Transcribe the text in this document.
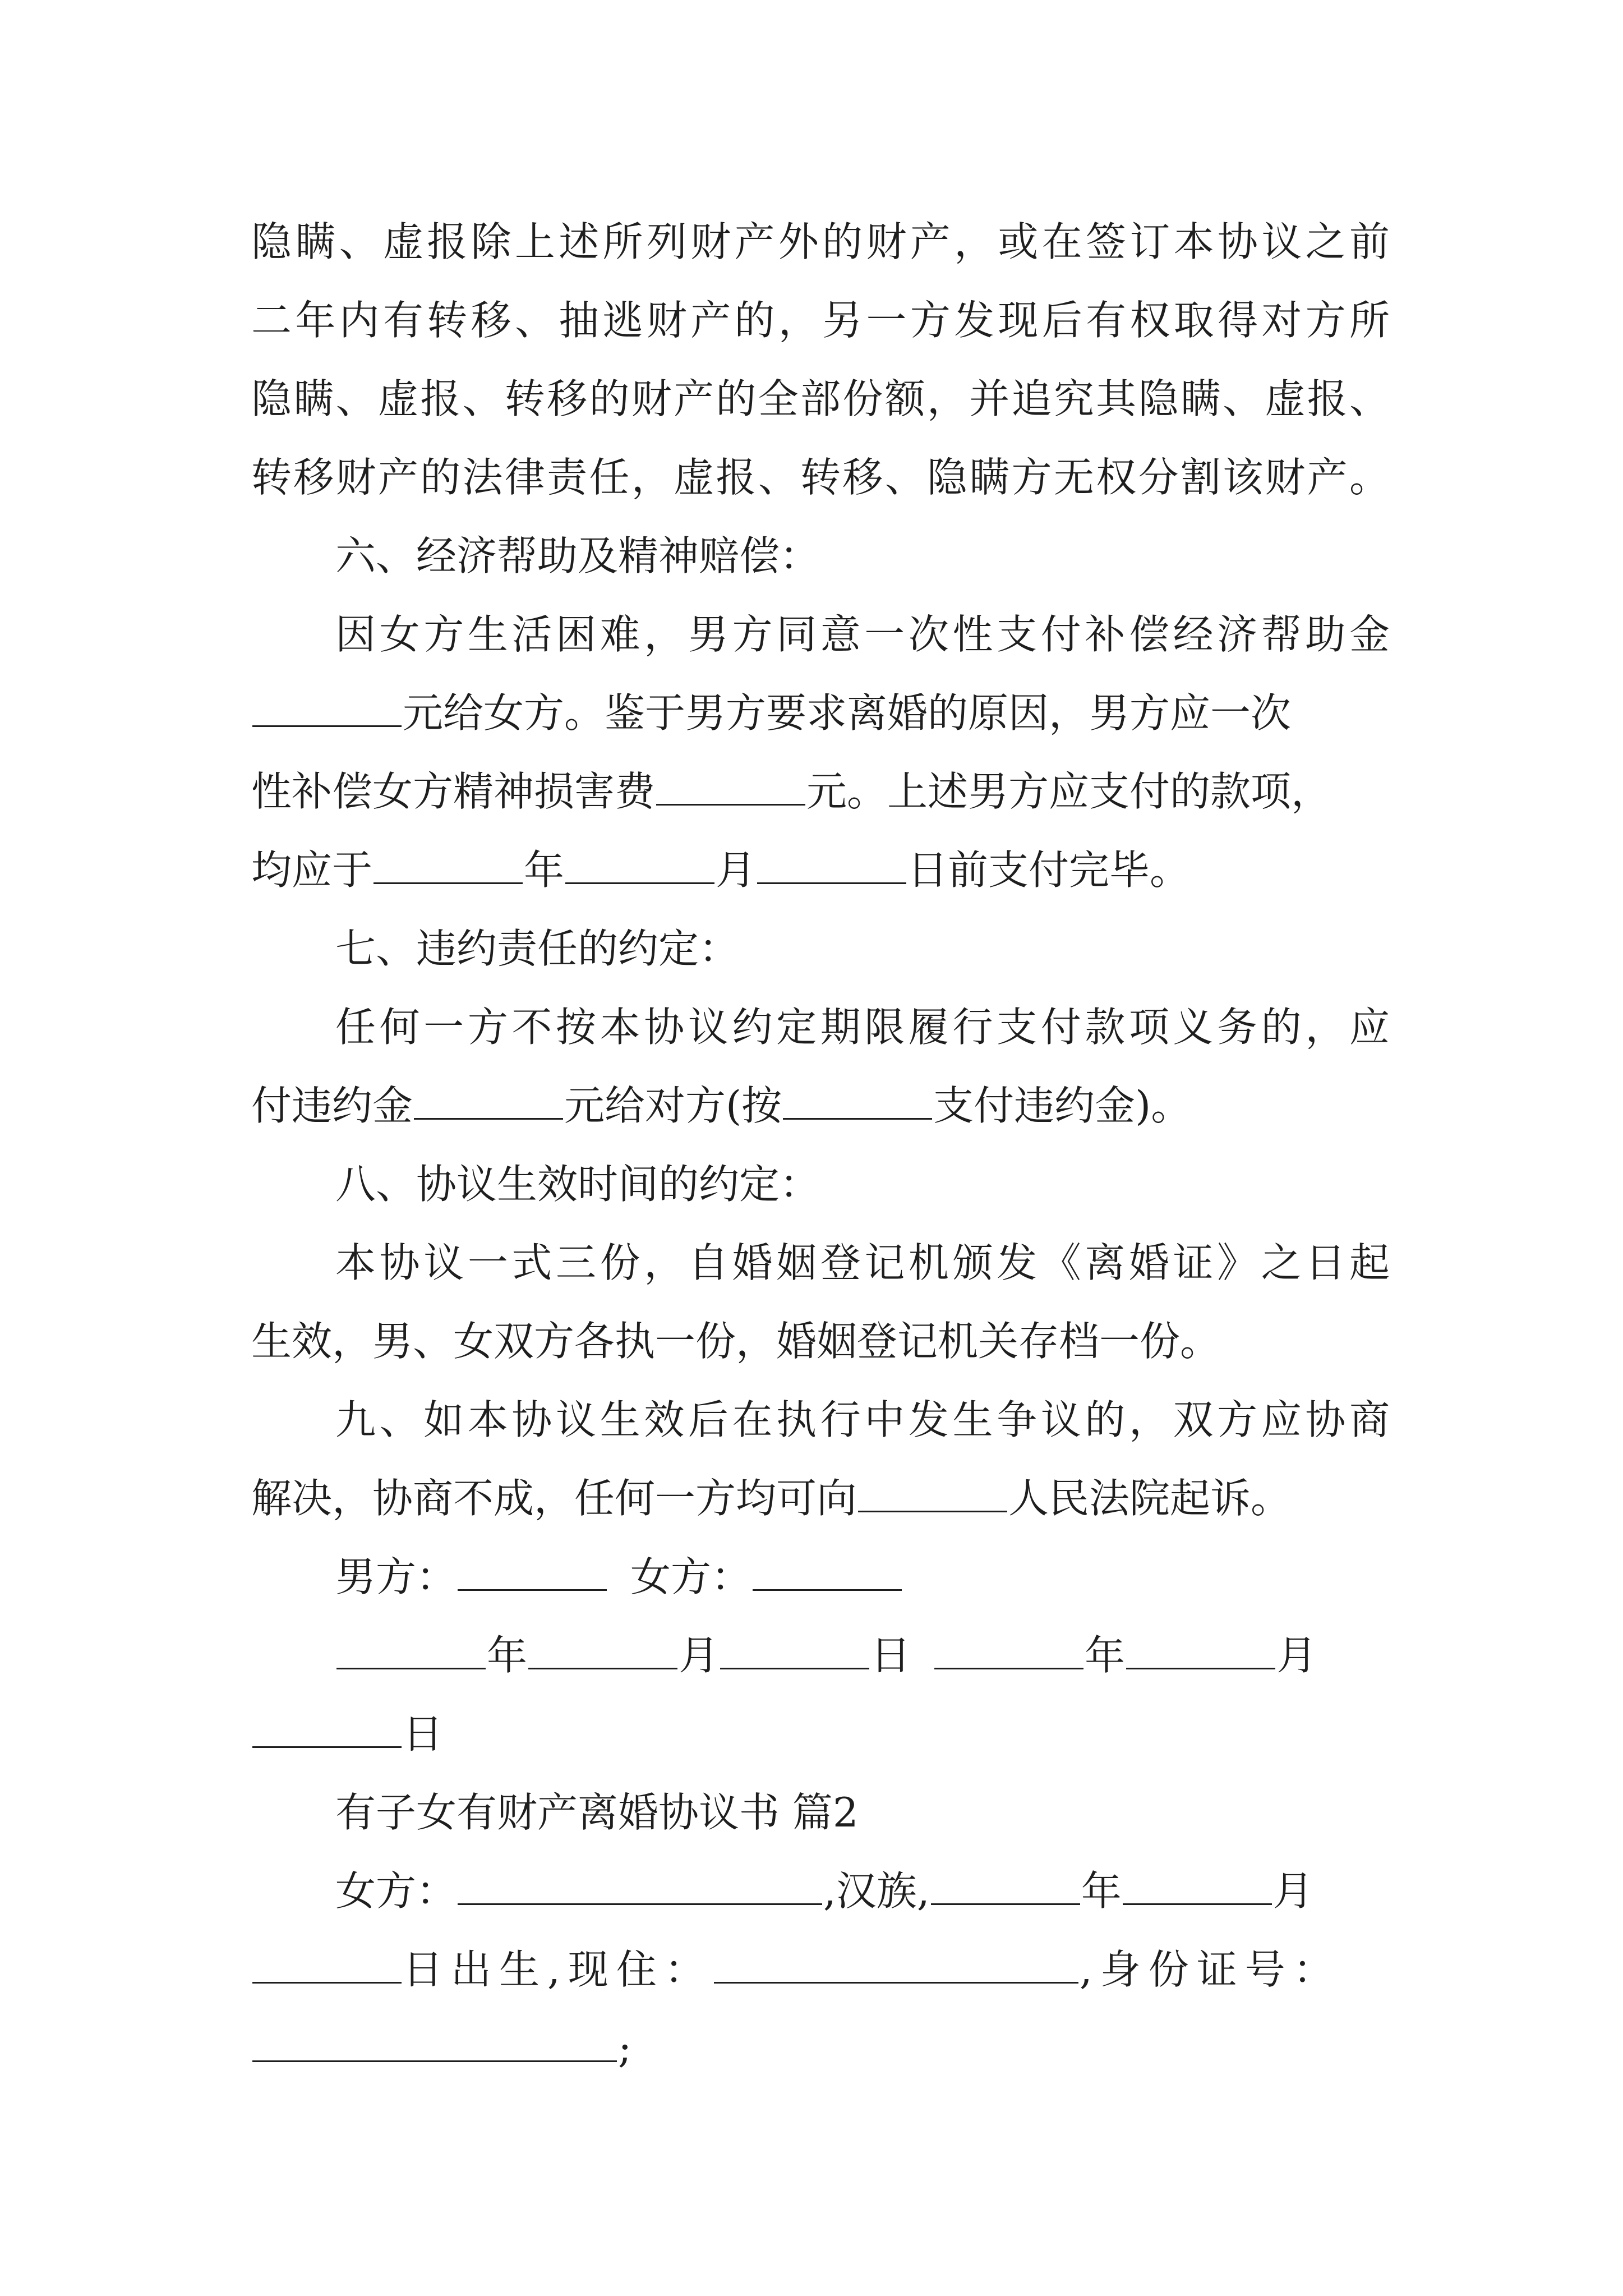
隐瞒、虚报除上述所列财产外的财产，或在签订本协议之前
二年内有转移、抽逃财产的，另一方发现后有权取得对方所
隐瞒、虚报、转移的财产的全部份额，并追究其隐瞒、虚报、
转移财产的法律责任，虚报、转移、隐瞒方无权分割该财产。
六、经济帮助及精神赔偿：
因女方生活困难，男方同意一次性支付补偿经济帮助金
元给女方。鉴于男方要求离婚的原因，男方应一次
性补偿女方精神损害费	元。上述男方应支付的款项，
均应于	年	月	日前支付完毕。
七、违约责任的约定：
任何一方不按本协议约定期限履行支付款项义务的，应
付违约金	元给对方(按	支付违约金)。
八、协议生效时间的约定：
本协议一式三份，自婚姻登记机颁发《离婚证》之日起
生效，男、女双方各执一份，婚姻登记机关存档一份。
九、如本协议生效后在执行中发生争议的，双方应协商
解决，协商不成，任何一方均可向	人民法院起诉。
男方：	女方：
年	月	日	年	月
日
有子女有财产离婚协议书 篇2
女方：	,汉族,	年	月
日出生,现住：	,身份证号：
;
